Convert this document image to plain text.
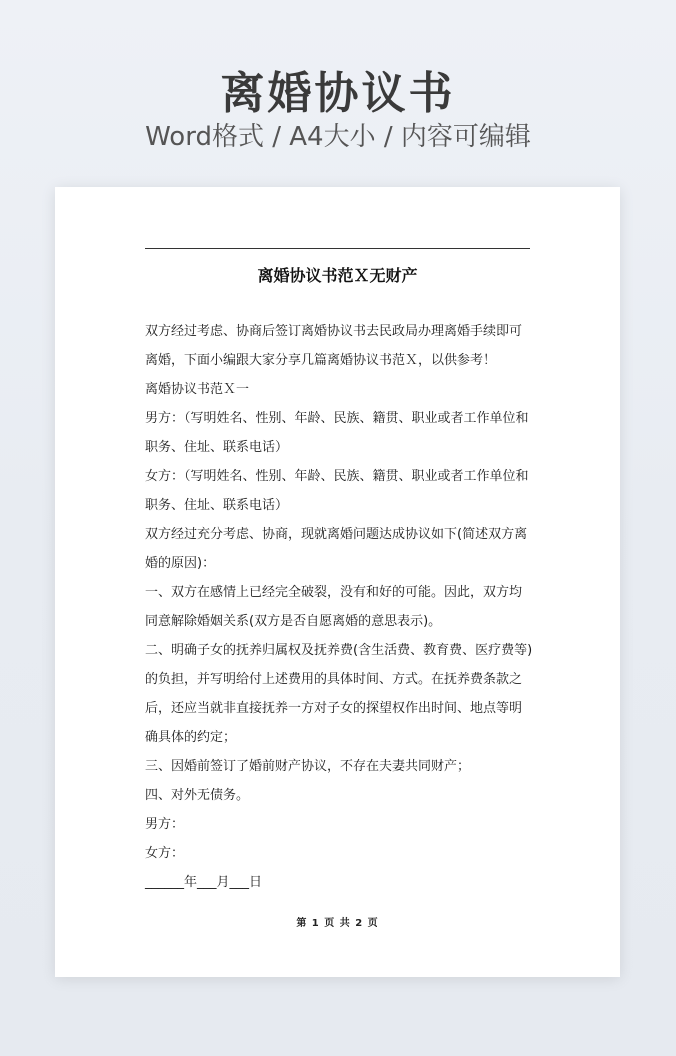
离婚协议书
Word格式 / A4大小 / 内容可编辑
离婚协议书范Ｘ无财产

双方经过考虑、协商后签订离婚协议书去民政局办理离婚手续即可离婚，下面小编跟大家分享几篇离婚协议书范Ｘ，以供参考！

离婚协议书范Ｘ一

男方：（写明姓名、性别、年龄、民族、籍贯、职业或者工作单位和职务、住址、联系电话）

女方：（写明姓名、性别、年龄、民族、籍贯、职业或者工作单位和职务、住址、联系电话）

双方经过充分考虑、协商，现就离婚问题达成协议如下(简述双方离婚的原因)：

一、双方在感情上已经完全破裂，没有和好的可能。因此，双方均同意解除婚姻关系(双方是否自愿离婚的意思表示)。

二、明确子女的抚养归属权及抚养费(含生活费、教育费、医疗费等)的负担，并写明给付上述费用的具体时间、方式。在抚养费条款之后，还应当就非直接抚养一方对子女的探望权作出时间、地点等明确具体的约定；

三、因婚前签订了婚前财产协议，不存在夫妻共同财产；

四、对外无债务。

男方：

女方：

______年___月___日

第 1 页 共 2 页
